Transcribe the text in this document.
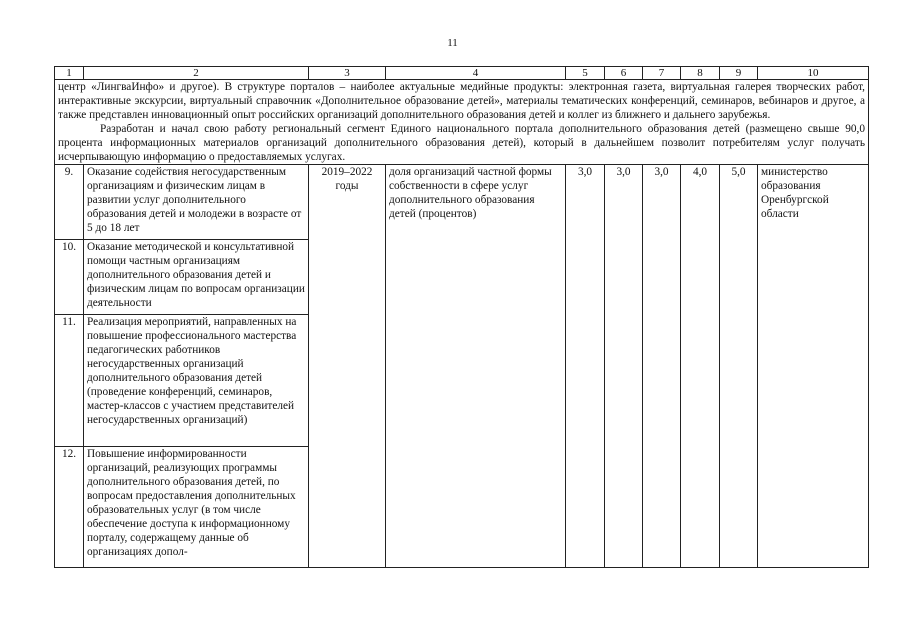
11
1	2	3	4	5	6	7	8	9	10

центр «ЛингваИнфо» и другое). В структуре порталов – наиболее актуальные медийные продукты: электронная газета, виртуальная галерея творческих работ, интерактивные экскурсии, виртуальный справочник «Дополнительное образование детей», материалы тематических конференций, семинаров, вебинаров и другое, а также представлен инновационный опыт российских организаций дополнительного образования детей и коллег из ближнего и дальнего зарубежья.

Разработан и начал свою работу региональный сегмент Единого национального портала дополнительного образования детей (размещено свыше 90,0 процента информационных материалов организаций дополнительного образования детей), который в дальнейшем позволит потребителям услуг получать исчерпывающую информацию о предоставляемых услугах.									

9.	Оказание содействия негосударственным организациям и физическим лицам в развитии услуг дополнительного образования детей и молодежи в возрасте от 5 до 18 лет	2019–2022 годы	доля организаций частной формы собственности в сфере услуг дополнительного образования детей (процентов)	3,0	3,0	3,0	4,0	5,0	министерство образования Оренбургской области
10.	Оказание методической и консультативной помощи частным организациям дополнительного образования детей и физическим лицам по вопросам организации деятельности								
11.	Реализация мероприятий, направленных на повышение профессионального мастерства педагогических работников негосударственных организаций дополнительного образования детей (проведение конференций, семинаров, мастер-классов с участием представителей негосударственных организаций)								
12.	Повышение информированности организаций, реализующих программы дополнительного образования детей, по вопросам предоставления дополнительных образовательных услуг (в том числе обеспечение доступа к информационному порталу, содержащему данные об организациях допол-								
